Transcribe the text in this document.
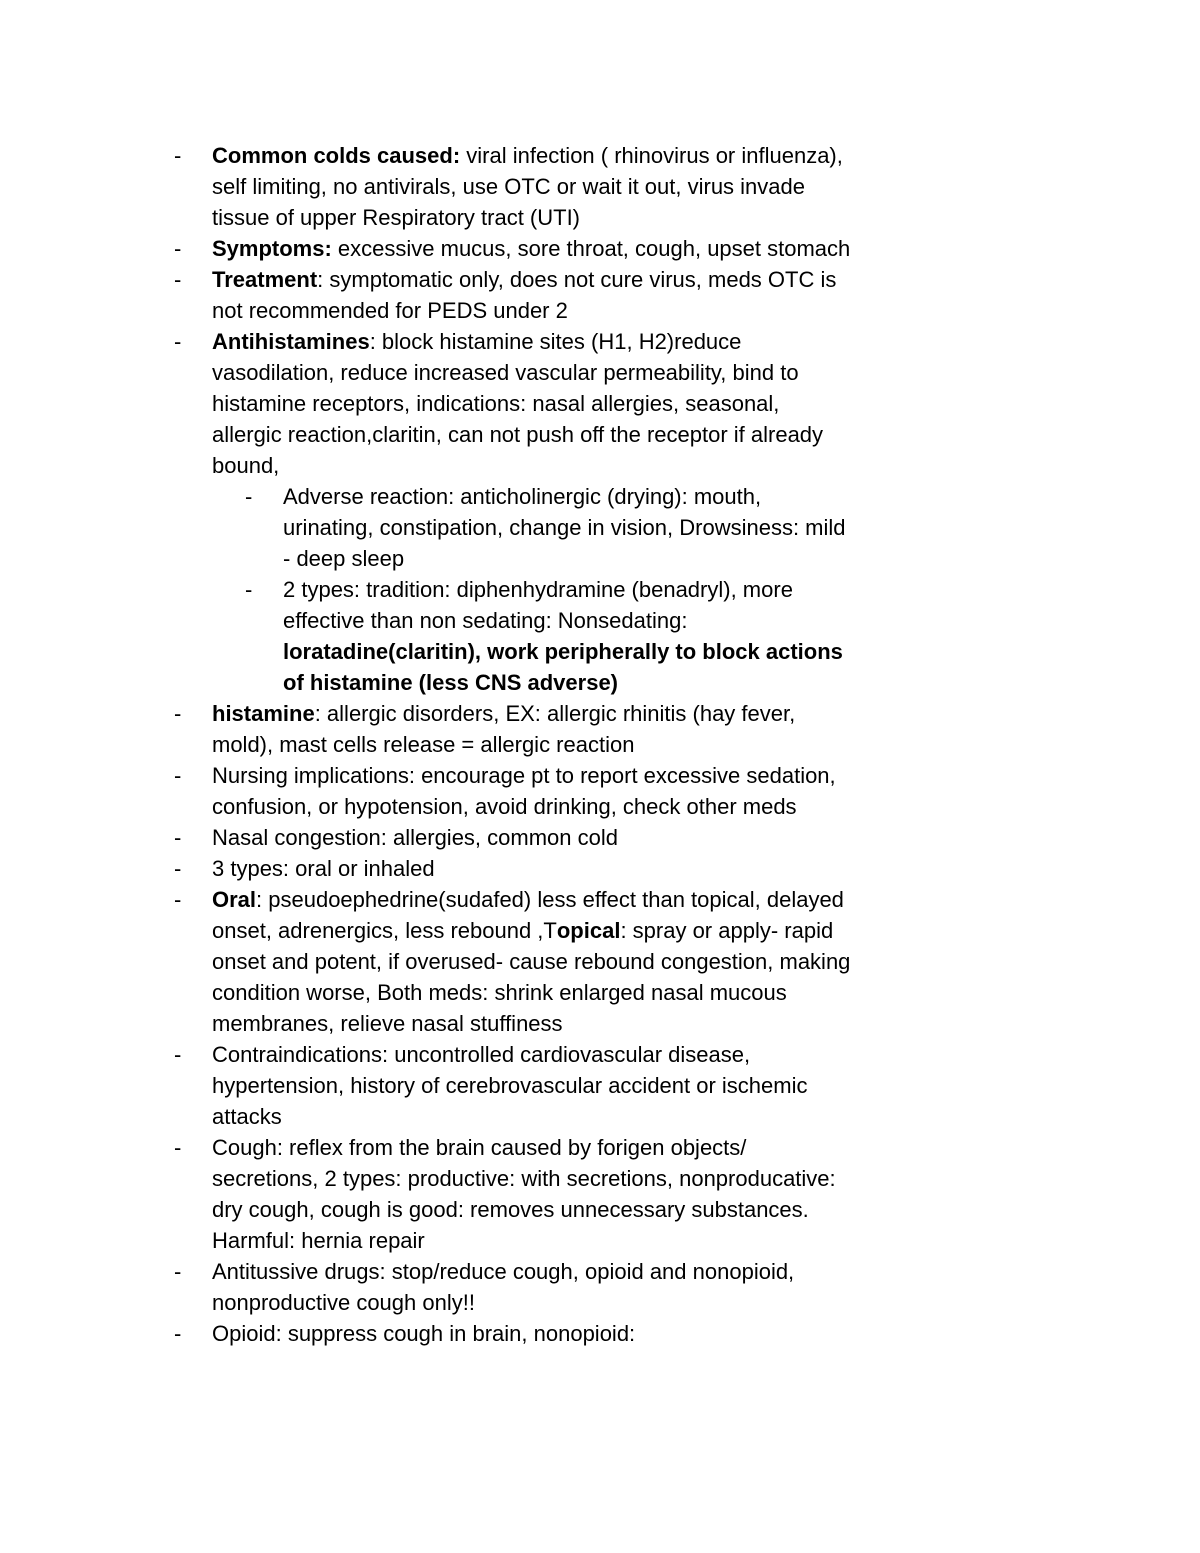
-	Common colds caused: viral infection ( rhinovirus or influenza), self limiting, no antivirals, use OTC or wait it out, virus invade tissue of upper Respiratory tract (UTI)
-	Symptoms: excessive mucus, sore throat, cough, upset stomach
-	Treatment: symptomatic only, does not cure virus, meds OTC is not recommended for PEDS under 2
-	Antihistamines: block histamine sites (H1, H2)reduce vasodilation, reduce increased vascular permeability, bind to histamine receptors, indications: nasal allergies, seasonal, allergic reaction,claritin, can not push off the receptor if already bound,
-	Adverse reaction: anticholinergic (drying): mouth, urinating, constipation, change in vision, Drowsiness: mild - deep sleep
-	2 types: tradition: diphenhydramine (benadryl), more effective than non sedating: Nonsedating: loratadine(claritin), work peripherally to block actions of histamine (less CNS adverse)
-	histamine: allergic disorders, EX: allergic rhinitis (hay fever, mold), mast cells release = allergic reaction
-	Nursing implications: encourage pt to report excessive sedation, confusion, or hypotension, avoid drinking, check other meds
-	Nasal congestion: allergies, common cold
-	3 types: oral or inhaled
-	Oral: pseudoephedrine(sudafed) less effect than topical, delayed onset, adrenergics, less rebound ,Topical: spray or apply- rapid onset and potent, if overused- cause rebound congestion, making condition worse, Both meds: shrink enlarged nasal mucous membranes, relieve nasal stuffiness
-	Contraindications: uncontrolled cardiovascular disease, hypertension, history of cerebrovascular accident or ischemic attacks
-	Cough: reflex from the brain caused by forigen objects/ secretions, 2 types: productive: with secretions, nonproducative: dry cough, cough is good: removes unnecessary substances. Harmful: hernia repair
-	Antitussive drugs: stop/reduce cough, opioid and nonopioid, nonproductive cough only!!
-	Opioid: suppress cough in brain, nonopioid:
